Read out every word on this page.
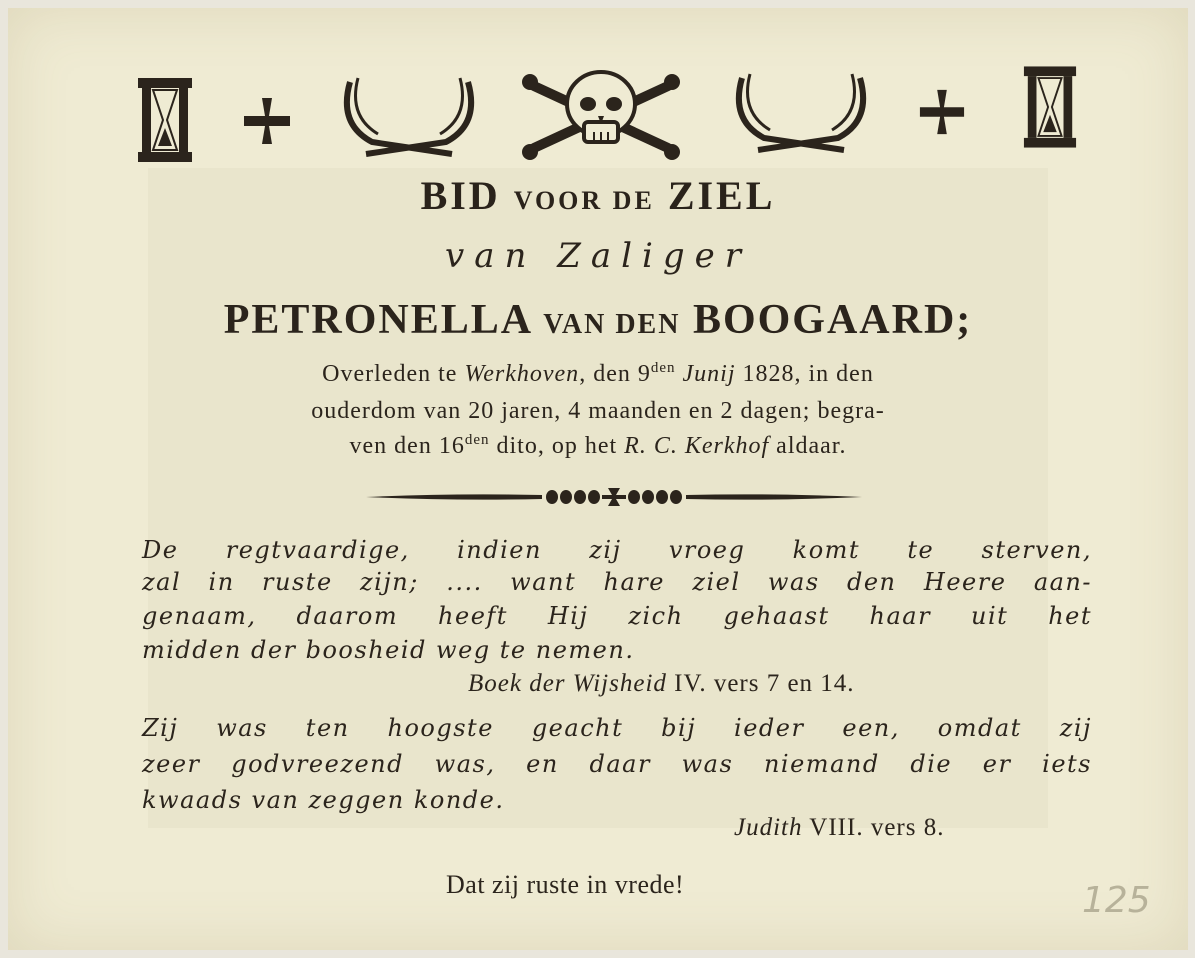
BID VOOR DE ZIEL
van Zaliger
PETRONELLA VAN DEN BOOGAARD;
Overleden te Werkhoven, den $9^{den}$ Junij 1828, in den
ouderdom van 20 jaren, 4 maanden en 2 dagen; begra-
ven den $16^{den}$ dito, op het R. C. Kerkhof aldaar.
De regtvaardige, indien zij vroeg komt te sterven,
zal in ruste zijn; .... want hare ziel was den Heere aan-
genaam, daarom heeft Hij zich gehaast haar uit het
midden der boosheid weg te nemen.
Boek der Wijsheid IV. vers 7 en 14.
Zij was ten hoogste geacht bij ieder een, omdat zij
zeer godvreezend was, en daar was niemand die er iets
kwaads van zeggen konde.
Judith VIII. vers 8.
Dat zij ruste in vrede!	125
